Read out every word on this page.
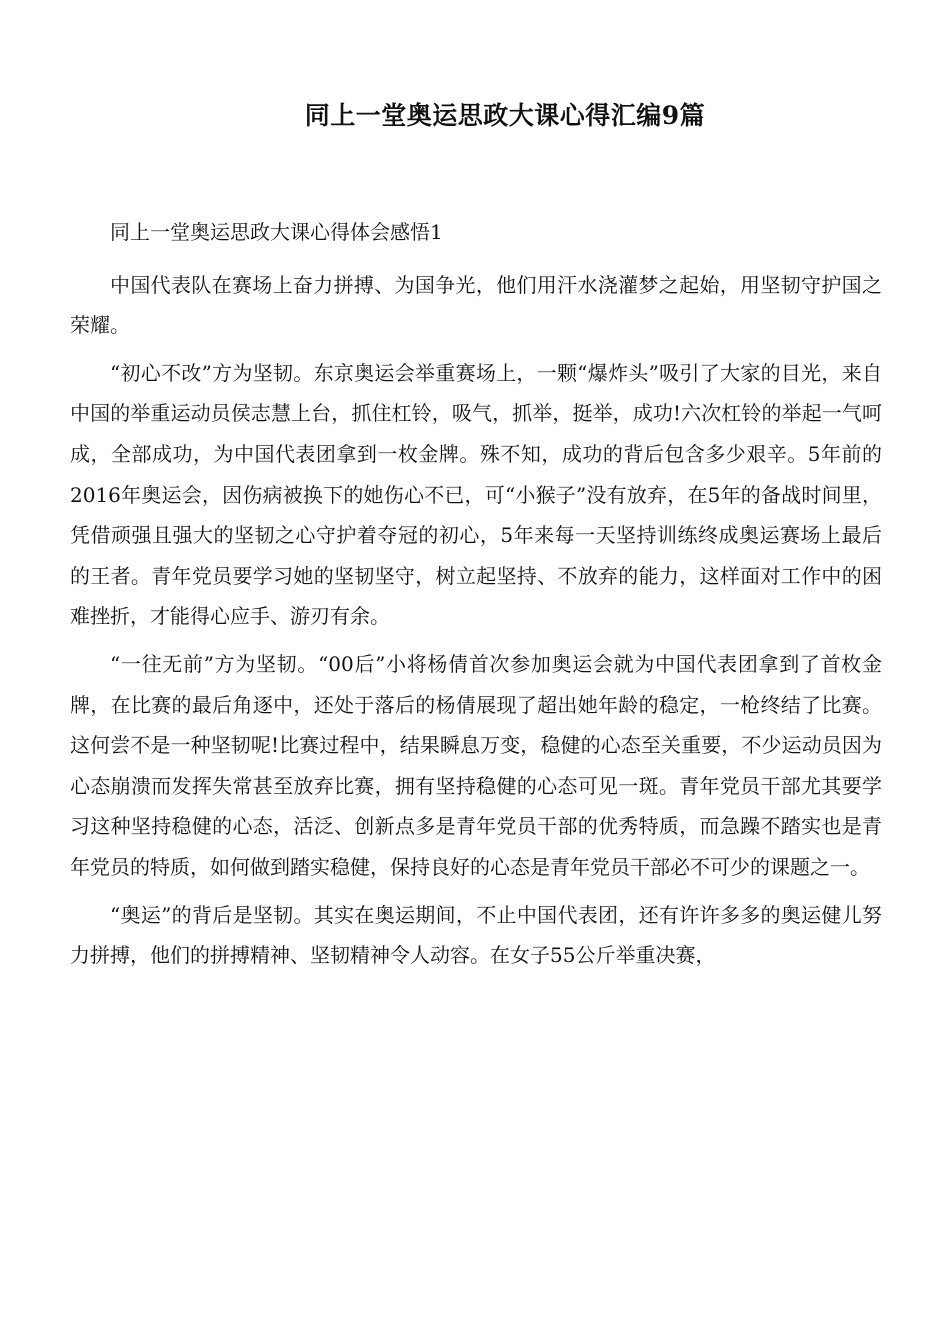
同上一堂奥运思政大课心得汇编9篇

同上一堂奥运思政大课心得体会感悟1

中国代表队在赛场上奋力拼搏、为国争光，他们用汗水浇灌梦之起始，用坚韧守护国之荣耀。

“初心不改”方为坚韧。东京奥运会举重赛场上，一颗“爆炸头”吸引了大家的目光，来自中国的举重运动员侯志慧上台，抓住杠铃，吸气，抓举，挺举，成功!六次杠铃的举起一气呵成，全部成功，为中国代表团拿到一枚金牌。殊不知，成功的背后包含多少艰辛。5年前的2016年奥运会，因伤病被换下的她伤心不已，可“小猴子”没有放弃，在5年的备战时间里，凭借顽强且强大的坚韧之心守护着夺冠的初心，5年来每一天坚持训练终成奥运赛场上最后的王者。青年党员要学习她的坚韧坚守，树立起坚持、不放弃的能力，这样面对工作中的困难挫折，才能得心应手、游刃有余。

“一往无前”方为坚韧。“00后”小将杨倩首次参加奥运会就为中国代表团拿到了首枚金牌，在比赛的最后角逐中，还处于落后的杨倩展现了超出她年龄的稳定，一枪终结了比赛。这何尝不是一种坚韧呢!比赛过程中，结果瞬息万变，稳健的心态至关重要，不少运动员因为心态崩溃而发挥失常甚至放弃比赛，拥有坚持稳健的心态可见一斑。青年党员干部尤其要学习这种坚持稳健的心态，活泛、创新点多是青年党员干部的优秀特质，而急躁不踏实也是青年党员的特质，如何做到踏实稳健，保持良好的心态是青年党员干部必不可少的课题之一。

“奥运”的背后是坚韧。其实在奥运期间，不止中国代表团，还有许许多多的奥运健儿努力拼搏，他们的拼搏精神、坚韧精神令人动容。在女子55公斤举重决赛，
